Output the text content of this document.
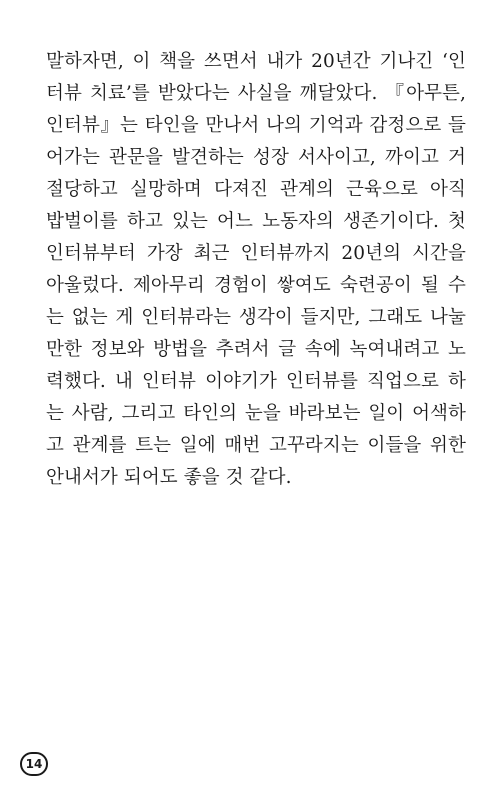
말하자면, 이 책을 쓰면서 내가 20년간 기나긴 ‘인
터뷰 치료’를 받았다는 사실을 깨달았다. 『아무튼,
인터뷰』는 타인을 만나서 나의 기억과 감정으로 들
어가는 관문을 발견하는 성장 서사이고, 까이고 거
절당하고 실망하며 다져진 관계의 근육으로 아직
밥벌이를 하고 있는 어느 노동자의 생존기이다. 첫
인터뷰부터 가장 최근 인터뷰까지 20년의 시간을
아울렀다. 제아무리 경험이 쌓여도 숙련공이 될 수
는 없는 게 인터뷰라는 생각이 들지만, 그래도 나눌
만한 정보와 방법을 추려서 글 속에 녹여내려고 노
력했다. 내 인터뷰 이야기가 인터뷰를 직업으로 하
는 사람, 그리고 타인의 눈을 바라보는 일이 어색하
고 관계를 트는 일에 매번 고꾸라지는 이들을 위한
안내서가 되어도 좋을 것 같다.
14
